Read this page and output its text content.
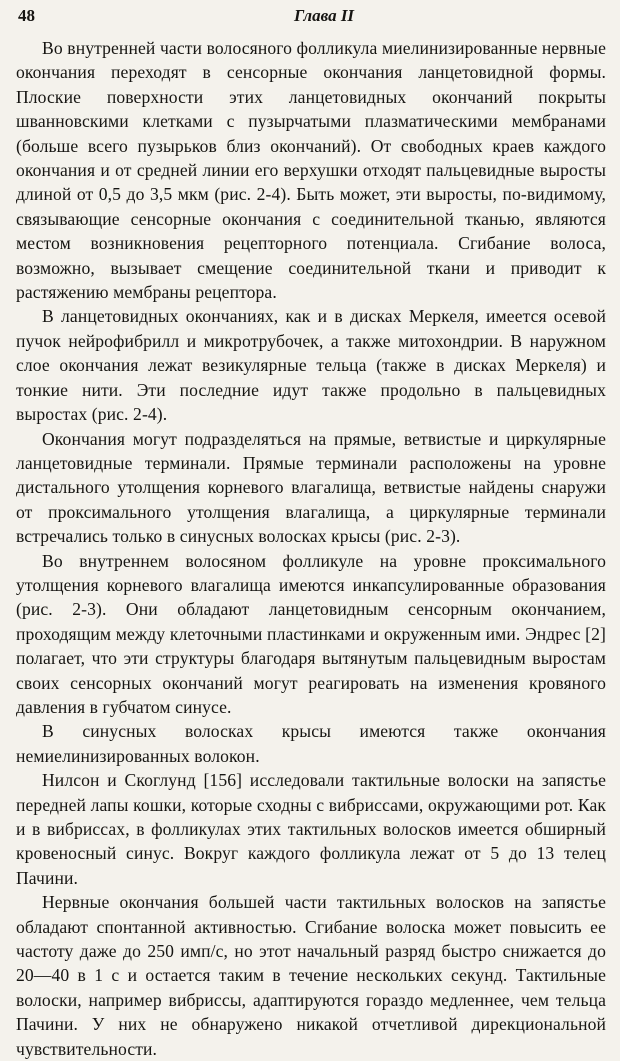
48	Глава II

Во внутренней части волосяного фолликула миелинизированные нервные окончания переходят в сенсорные окончания ланцетовидной формы. Плоские поверхности этих ланцетовидных окончаний покрыты шванновскими клетками с пузырчатыми плазматическими мембранами (больше всего пузырьков близ окончаний). От свободных краев каждого окончания и от средней линии его верхушки отходят пальцевидные выросты длиной от 0,5 до 3,5 мкм (рис. 2-4). Быть может, эти выросты, по-видимому, связывающие сенсорные окончания с соединительной тканью, являются местом возникновения рецепторного потенциала. Сгибание волоса, возможно, вызывает смещение соединительной ткани и приводит к растяжению мембраны рецептора.

В ланцетовидных окончаниях, как и в дисках Меркеля, имеется осевой пучок нейрофибрилл и микротрубочек, а также митохондрии. В наружном слое окончания лежат везикулярные тельца (также в дисках Меркеля) и тонкие нити. Эти последние идут также продольно в пальцевидных выростах (рис. 2-4).

Окончания могут подразделяться на прямые, ветвистые и циркулярные ланцетовидные терминали. Прямые терминали расположены на уровне дистального утолщения корневого влагалища, ветвистые найдены снаружи от проксимального утолщения влагалища, а циркулярные терминали встречались только в синусных волосках крысы (рис. 2-3).

Во внутреннем волосяном фолликуле на уровне проксимального утолщения корневого влагалища имеются инкапсулированные образования (рис. 2-3). Они обладают ланцетовидным сенсорным окончанием, проходящим между клеточными пластинками и окруженным ими. Эндрес [2] полагает, что эти структуры благодаря вытянутым пальцевидным выростам своих сенсорных окончаний могут реагировать на изменения кровяного давления в губчатом синусе.

В синусных волосках крысы имеются также окончания немиелинизированных волокон.

Нилсон и Скоглунд [156] исследовали тактильные волоски на запястье передней лапы кошки, которые сходны с вибриссами, окружающими рот. Как и в вибриссах, в фолликулах этих тактильных волосков имеется обширный кровеносный синус. Вокруг каждого фолликула лежат от 5 до 13 телец Пачини.

Нервные окончания большей части тактильных волосков на запястье обладают спонтанной активностью. Сгибание волоска может повысить ее частоту даже до 250 имп/с, но этот начальный разряд быстро снижается до 20—40 в 1 с и остается таким в течение нескольких секунд. Тактильные волоски, например вибриссы, адаптируются гораздо медленнее, чем тельца Пачини. У них не обнаружено никакой отчетливой дирекциональной чувствительности.
